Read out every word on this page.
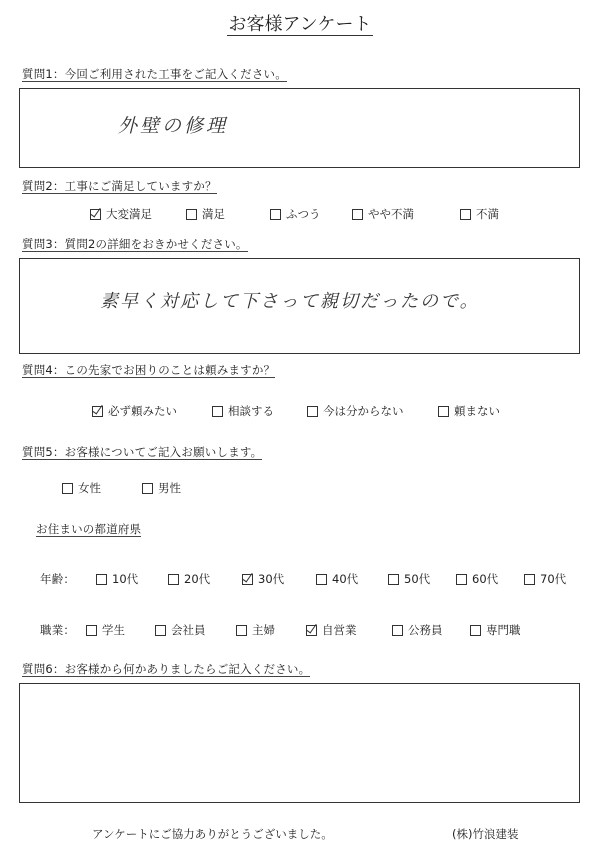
お客様アンケート
質問1：今回ご利用された工事をご記入ください。
外壁の修理
質問2：工事にご満足していますか？
大変満足	満足	ふつう	やや不満	不満
質問3：質問2の詳細をおきかせください。
素早く対応して下さって親切だったので。
質問4：この先家でお困りのことは頼みますか？
必ず頼みたい	相談する	今は分からない	頼まない
質問5：お客様についてご記入お願いします。
女性	男性
お住まいの都道府県
年齢：	10代	20代	30代	40代	50代	60代	70代
職業： 学生	会社員	主婦	自営業	公務員	専門職
質問6：お客様から何かありましたらご記入ください。
アンケートにご協力ありがとうございました。	(株)竹浪建装
